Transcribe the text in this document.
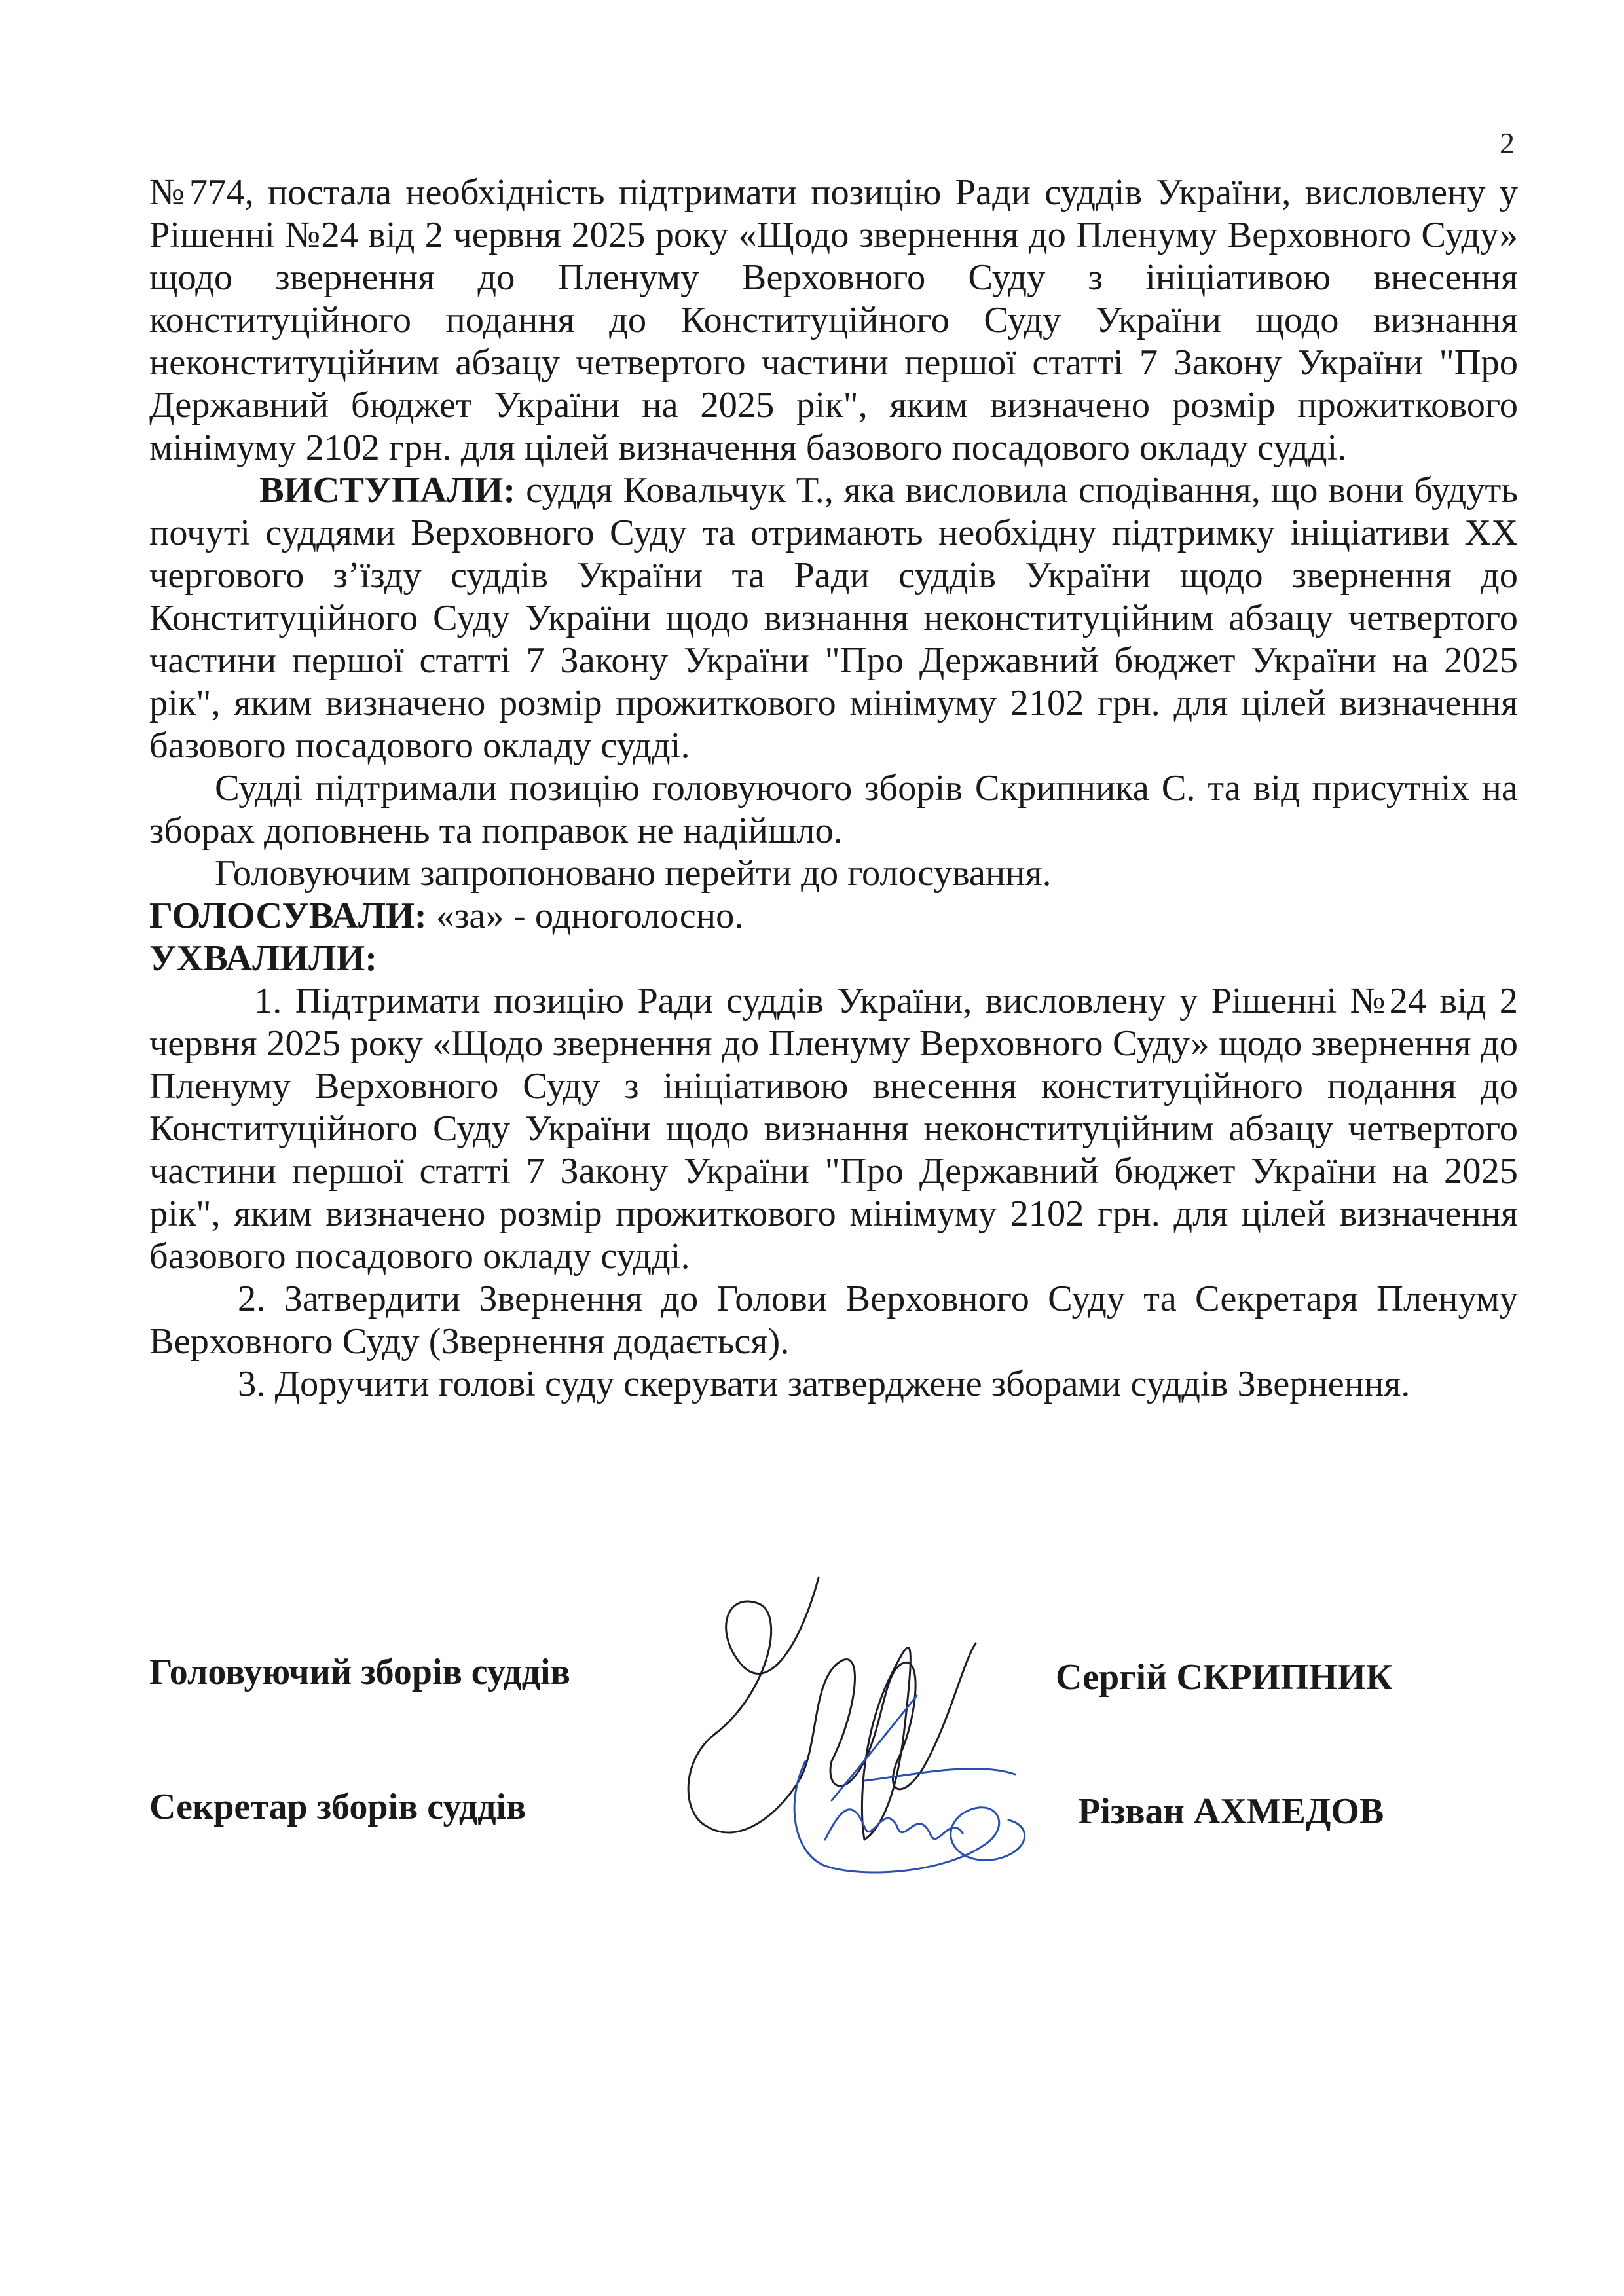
2

№774, постала необхідність підтримати позицію Ради суддів України, висловлену у Рішенні №24 від 2 червня 2025 року «Щодо звернення до Пленуму Верховного Суду» щодо звернення до Пленуму Верховного Суду з ініціативою внесення конституційного подання до Конституційного Суду України щодо визнання неконституційним абзацу четвертого частини першої статті 7 Закону України "Про Державний бюджет України на 2025 рік", яким визначено розмір прожиткового мінімуму 2102 грн. для цілей визначення базового посадового окладу судді.

ВИСТУПАЛИ: суддя Ковальчук Т., яка висловила сподівання, що вони будуть почуті суддями Верховного Суду та отримають необхідну підтримку ініціативи XX чергового з’їзду суддів України та Ради суддів України щодо звернення до Конституційного Суду України щодо визнання неконституційним абзацу четвертого частини першої статті 7 Закону України "Про Державний бюджет України на 2025 рік", яким визначено розмір прожиткового мінімуму 2102 грн. для цілей визначення базового посадового окладу судді.

Судді підтримали позицію головуючого зборів Скрипника С. та від присутніх на зборах доповнень та поправок не надійшло.

Головуючим запропоновано перейти до голосування.

ГОЛОСУВАЛИ: «за» - одноголосно.

УХВАЛИЛИ:

1. Підтримати позицію Ради суддів України, висловлену у Рішенні №24 від 2 червня 2025 року «Щодо звернення до Пленуму Верховного Суду» щодо звернення до Пленуму Верховного Суду з ініціативою внесення конституційного подання до Конституційного Суду України щодо визнання неконституційним абзацу четвертого частини першої статті 7 Закону України "Про Державний бюджет України на 2025 рік", яким визначено розмір прожиткового мінімуму 2102 грн. для цілей визначення базового посадового окладу судді.

2. Затвердити Звернення до Голови Верховного Суду та Секретаря Пленуму Верховного Суду (Звернення додається).

3. Доручити голові суду скерувати затверджене зборами суддів Звернення.

Головуючий зборів суддів	Сергій СКРИПНИК
Секретар зборів суддів	Різван АХМЕДОВ
